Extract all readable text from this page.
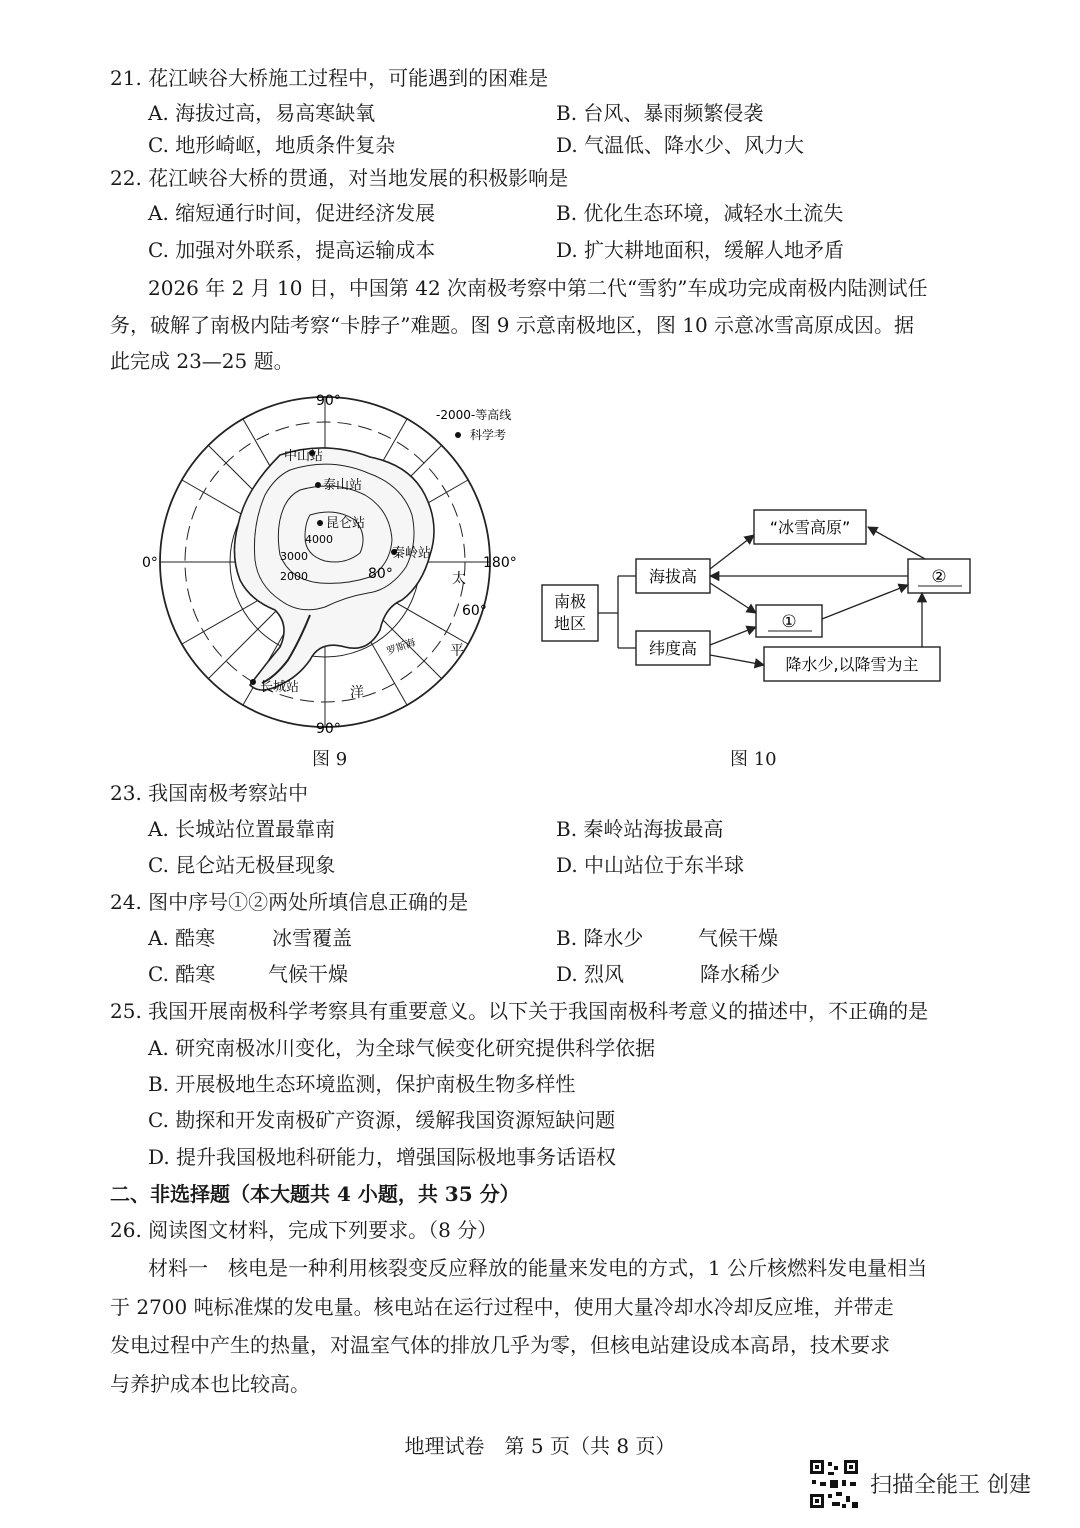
21. 花江峡谷大桥施工过程中，可能遇到的困难是
A. 海拔过高，易高寒缺氧	B. 台风、暴雨频繁侵袭
C. 地形崎岖，地质条件复杂	D. 气温低、降水少、风力大
22. 花江峡谷大桥的贯通，对当地发展的积极影响是
A. 缩短通行时间，促进经济发展	B. 优化生态环境，减轻水土流失
C. 加强对外联系，提高运输成本	D. 扩大耕地面积，缓解人地矛盾
2026 年 2 月 10 日，中国第 42 次南极考察中第二代“雪豹”车成功完成南极内陆测试任
务，破解了南极内陆考察“卡脖子”难题。图 9 示意南极地区，图 10 示意冰雪高原成因。据
此完成 23—25 题。
中山站
泰山站
昆仑站
秦岭站
长城站
4000
3000
2000
90°
90°
0°	180°
80°
60°
太
平
洋
罗斯海
-2000-等高线
科学考
图 9
南极
地区
海拔高
纬度高
“冰雪高原”
①
②
降水少,以降雪为主
图 10
23. 我国南极考察站中
A. 长城站位置最靠南	B. 秦岭站海拔最高
C. 昆仑站无极昼现象	D. 中山站位于东半球
24. 图中序号①②两处所填信息正确的是
A. 酷寒	冰雪覆盖	B. 降水少	气候干燥
C. 酷寒	气候干燥	D. 烈风	降水稀少
25. 我国开展南极科学考察具有重要意义。以下关于我国南极科考意义的描述中，不正确的是
A. 研究南极冰川变化，为全球气候变化研究提供科学依据
B. 开展极地生态环境监测，保护南极生物多样性
C. 勘探和开发南极矿产资源，缓解我国资源短缺问题
D. 提升我国极地科研能力，增强国际极地事务话语权
二、非选择题（本大题共 4 小题，共 35 分）
26. 阅读图文材料，完成下列要求。（8 分）
材料一　核电是一种利用核裂变反应释放的能量来发电的方式，1 公斤核燃料发电量相当
于 2700 吨标准煤的发电量。核电站在运行过程中，使用大量冷却水冷却反应堆，并带走
发电过程中产生的热量，对温室气体的排放几乎为零，但核电站建设成本高昂，技术要求
与养护成本也比较高。
地理试卷　第 5 页（共 8 页）
扫描全能王 创建
